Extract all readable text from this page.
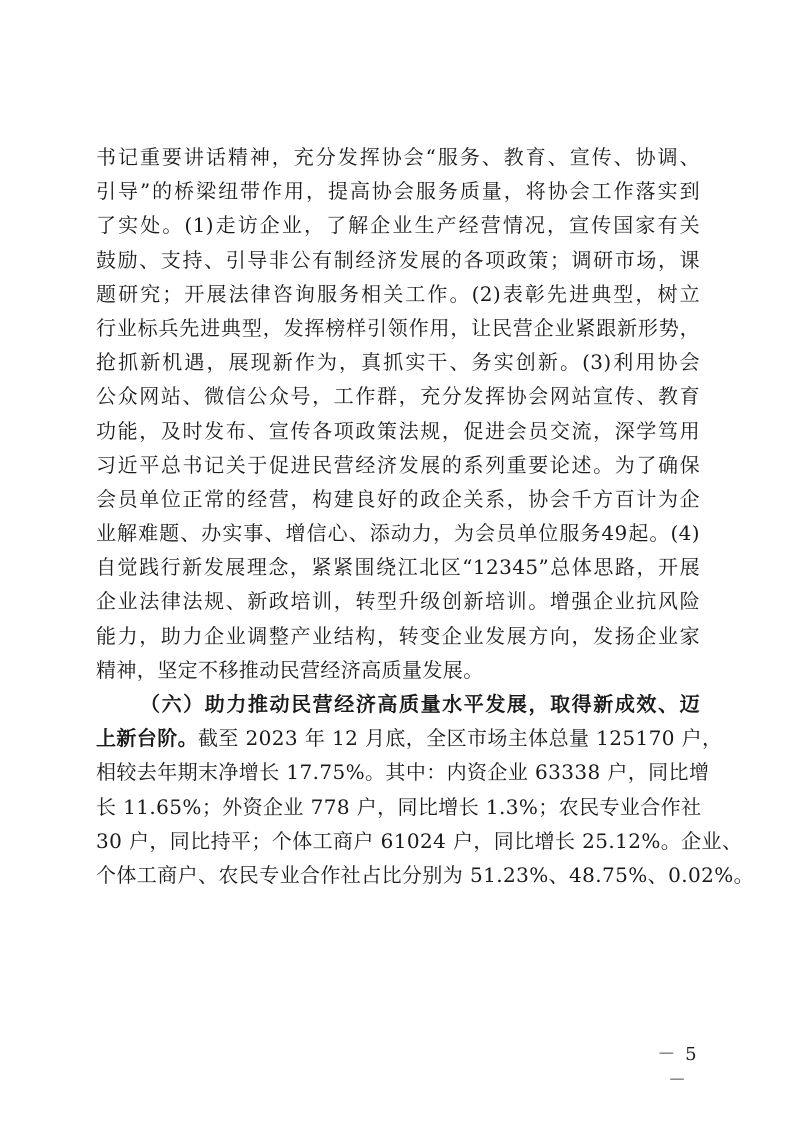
书记重要讲话精神，充分发挥协会“服务、教育、宣传、协调、
引导”的桥梁纽带作用，提高协会服务质量，将协会工作落实到
了实处。(1)走访企业，了解企业生产经营情况，宣传国家有关
鼓励、支持、引导非公有制经济发展的各项政策；调研市场，课
题研究；开展法律咨询服务相关工作。(2)表彰先进典型，树立
行业标兵先进典型，发挥榜样引领作用，让民营企业紧跟新形势，
抢抓新机遇，展现新作为，真抓实干、务实创新。(3)利用协会
公众网站、微信公众号，工作群，充分发挥协会网站宣传、教育
功能，及时发布、宣传各项政策法规，促进会员交流，深学笃用
习近平总书记关于促进民营经济发展的系列重要论述。为了确保
会员单位正常的经营，构建良好的政企关系，协会千方百计为企
业解难题、办实事、增信心、添动力，为会员单位服务49起。(4)
自觉践行新发展理念，紧紧围绕江北区“12345”总体思路，开展
企业法律法规、新政培训，转型升级创新培训。增强企业抗风险
能力，助力企业调整产业结构，转变企业发展方向，发扬企业家
精神，坚定不移推动民营经济高质量发展。
（六）助力推动民营经济高质量水平发展，取得新成效、迈
上新台阶。截至 2023 年 12 月底，全区市场主体总量 125170 户，
相较去年期末净增长 17.75%。其中：内资企业 63338 户，同比增
长 11.65%；外资企业 778 户，同比增长 1.3%；农民专业合作社
30 户，同比持平；个体工商户 61024 户，同比增长 25.12%。企业、
个体工商户、农民专业合作社占比分别为 51.23%、48.75%、0.02%。
－ 5 －
